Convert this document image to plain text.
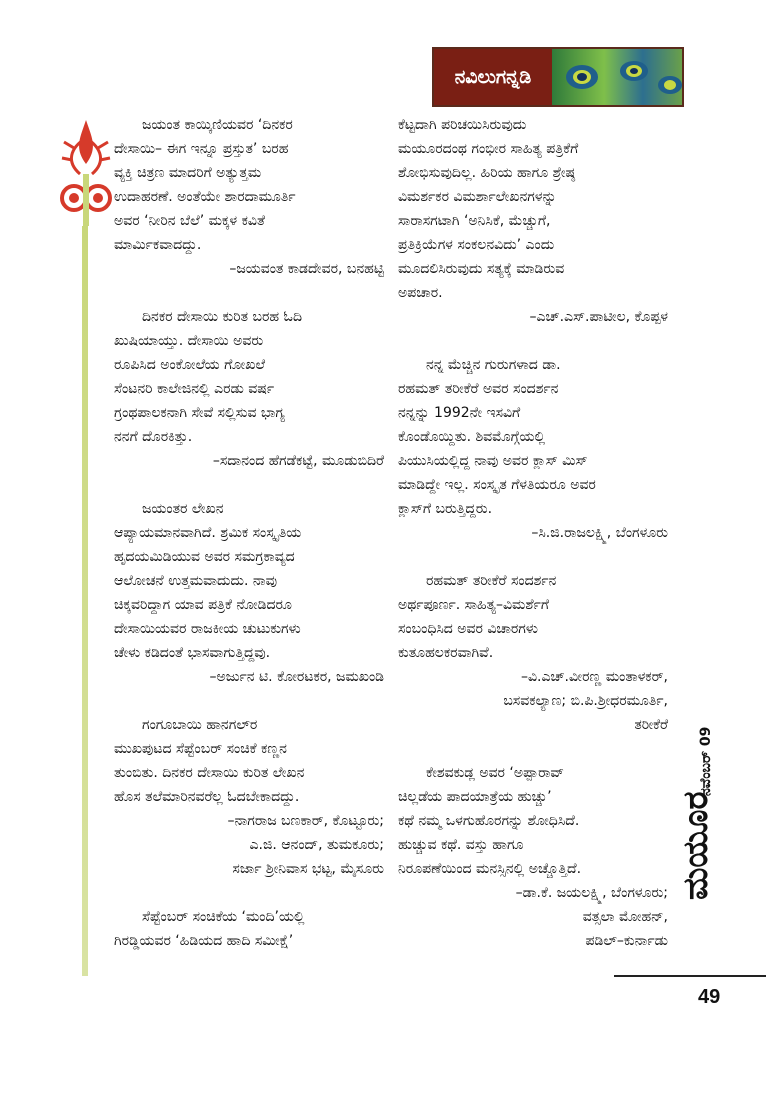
ನವಿಲುಗನ್ನಡಿ
ಜಯಂತ ಕಾಯ್ಕಿಣಿಯವರ ‘ದಿನಕರ
ದೇಸಾಯಿ– ಈಗ ಇನ್ನೂ ಪ್ರಸ್ತುತ’ ಬರಹ
ವ್ಯಕ್ತಿ ಚಿತ್ರಣ ಮಾದರಿಗೆ ಅತ್ಯುತ್ತಮ
ಉದಾಹರಣೆ. ಅಂತೆಯೇ ಶಾರದಾಮೂರ್ತಿ
ಅವರ ‘ನೀರಿನ ಬೆಲೆ’ ಮಕ್ಕಳ ಕವಿತೆ
ಮಾರ್ಮಿಕವಾದದ್ದು.
–ಜಯವಂತ ಕಾಡದೇವರ, ಬನಹಟ್ಟಿ
ದಿನಕರ ದೇಸಾಯಿ ಕುರಿತ ಬರಹ ಓದಿ
ಖುಷಿಯಾಯ್ತು. ದೇಸಾಯಿ ಅವರು
ರೂಪಿಸಿದ ಅಂಕೋಲೆಯ ಗೋಖಲೆ
ಸೆಂಟನರಿ ಕಾಲೇಜಿನಲ್ಲಿ ಎರಡು ವರ್ಷ
ಗ್ರಂಥಪಾಲಕನಾಗಿ ಸೇವೆ ಸಲ್ಲಿಸುವ ಭಾಗ್ಯ
ನನಗೆ ದೊರಕಿತ್ತು.
–ಸದಾನಂದ ಹೆಗಡೆಕಟ್ಟೆ, ಮೂಡುಬಿದಿರೆ
ಜಯಂತರ ಲೇಖನ
ಆಪ್ಯಾಯಮಾನವಾಗಿದೆ. ಶ್ರಮಿಕ ಸಂಸ್ಕೃತಿಯ
ಹೃದಯಮಿಡಿಯುವ ಅವರ ಸಮಗ್ರಕಾವ್ಯದ
ಆಲೋಚನೆ ಉತ್ತಮವಾದುದು. ನಾವು
ಚಿಕ್ಕವರಿದ್ದಾಗ ಯಾವ ಪತ್ರಿಕೆ ನೋಡಿದರೂ
ದೇಸಾಯಿಯವರ ರಾಜಕೀಯ ಚುಟುಕುಗಳು
ಚೇಳು ಕಡಿದಂತೆ ಭಾಸವಾಗುತ್ತಿದ್ದವು.
–ಅರ್ಜುನ ಟಿ. ಕೋರಟಕರ, ಜಮಖಂಡಿ
ಗಂಗೂಬಾಯಿ ಹಾನಗಲ್‌ರ
ಮುಖಪುಟದ ಸೆಪ್ಟೆಂಬರ್ ಸಂಚಿಕೆ ಕಣ್ಣನ
ತುಂಬಿತು. ದಿನಕರ ದೇಸಾಯಿ ಕುರಿತ ಲೇಖನ
ಹೊಸ ತಲೆಮಾರಿನವರೆಲ್ಲ ಓದಬೇಕಾದದ್ದು.
–ನಾಗರಾಜ ಬಣಕಾರ್, ಕೊಟ್ಟೂರು;
ಎ.ಜಿ. ಆನಂದ್, ತುಮಕೂರು;
ಸರ್ಜಾ ಶ್ರೀನಿವಾಸ ಭಟ್ಟ, ಮೈಸೂರು
ಸೆಪ್ಟೆಂಬರ್ ಸಂಚಿಕೆಯ ‘ಮಂದಿ’ಯಲ್ಲಿ
ಗಿರಡ್ಡಿಯವರ ‘ಹಿಡಿಯದ ಹಾದಿ ಸಮೀಕ್ಷೆ’
ಕೆಟ್ಟದಾಗಿ ಪರಿಚಯಿಸಿರುವುದು
ಮಯೂರದಂಥ ಗಂಭೀರ ಸಾಹಿತ್ಯ ಪತ್ರಿಕೆಗೆ
ಶೋಭಿಸುವುದಿಲ್ಲ. ಹಿರಿಯ ಹಾಗೂ ಶ್ರೇಷ್ಠ
ವಿಮರ್ಶಕರ ವಿಮರ್ಶಾಲೇಖನಗಳನ್ನು
ಸಾರಾಸಗಟಾಗಿ ‘ಅನಿಸಿಕೆ, ಮೆಚ್ಚುಗೆ,
ಪ್ರತಿಕ್ರಿಯೆಗಳ ಸಂಕಲನವಿದು’ ಎಂದು
ಮೂದಲಿಸಿರುವುದು ಸತ್ಯಕ್ಕೆ ಮಾಡಿರುವ
ಅಪಚಾರ.
–ಎಚ್.ಎಸ್.ಪಾಟೀಲ, ಕೊಪ್ಪಳ
ನನ್ನ ಮೆಚ್ಚಿನ ಗುರುಗಳಾದ ಡಾ.
ರಹಮತ್ ತರೀಕೆರೆ ಅವರ ಸಂದರ್ಶನ
ನನ್ನನ್ನು 1992ನೇ ಇಸವಿಗೆ
ಕೊಂಡೊಯ್ದಿತು. ಶಿವಮೊಗ್ಗೆಯಲ್ಲಿ
ಪಿಯುಸಿಯಲ್ಲಿದ್ದ ನಾವು ಅವರ ಕ್ಲಾಸ್ ಮಿಸ್
ಮಾಡಿದ್ದೇ ಇಲ್ಲ. ಸಂಸ್ಕೃತ ಗೆಳತಿಯರೂ ಅವರ
ಕ್ಲಾಸ್‌ಗೆ ಬರುತ್ತಿದ್ದರು.
–ಸಿ.ಜಿ.ರಾಜಲಕ್ಷ್ಮಿ, ಬೆಂಗಳೂರು
ರಹಮತ್ ತರೀಕೆರೆ ಸಂದರ್ಶನ
ಅರ್ಥಪೂರ್ಣ. ಸಾಹಿತ್ಯ–ವಿಮರ್ಶೆಗೆ
ಸಂಬಂಧಿಸಿದ ಅವರ ವಿಚಾರಗಳು
ಕುತೂಹಲಕರವಾಗಿವೆ.
–ವಿ.ಎಚ್.ವೀರಣ್ಣ ಮಂತಾಳಕರ್,
ಬಸವಕಲ್ಯಾಣ; ಬಿ.ಪಿ.ಶ್ರೀಧರಮೂರ್ತಿ,
ತರೀಕೆರೆ
ಕೇಶವಕುಡ್ಲ ಅವರ ‘ಅಪ್ಪಾರಾವ್
ಚಿಲ್ಲಡೆಯ ಪಾದಯಾತ್ರೆಯ ಹುಚ್ಚು’
ಕಥೆ ನಮ್ಮ ಒಳಗುಹೊರಗನ್ನು ಶೋಧಿಸಿದೆ.
ಹುಚ್ಚುವ ಕಥೆ. ವಸ್ತು ಹಾಗೂ
ನಿರೂಪಣೆಯಿಂದ ಮನಸ್ಸಿನಲ್ಲಿ ಅಚ್ಚೊತ್ತಿದೆ.
–ಡಾ.ಕೆ. ಜಯಲಕ್ಷ್ಮಿ, ಬೆಂಗಳೂರು;
ವತ್ಸಲಾ ಮೋಹನ್,
ಪಡಿಲ್–ಕುರ್ನಾಡು
ಮಯೂರ
ನವೆಂಬರ್ 09
49
